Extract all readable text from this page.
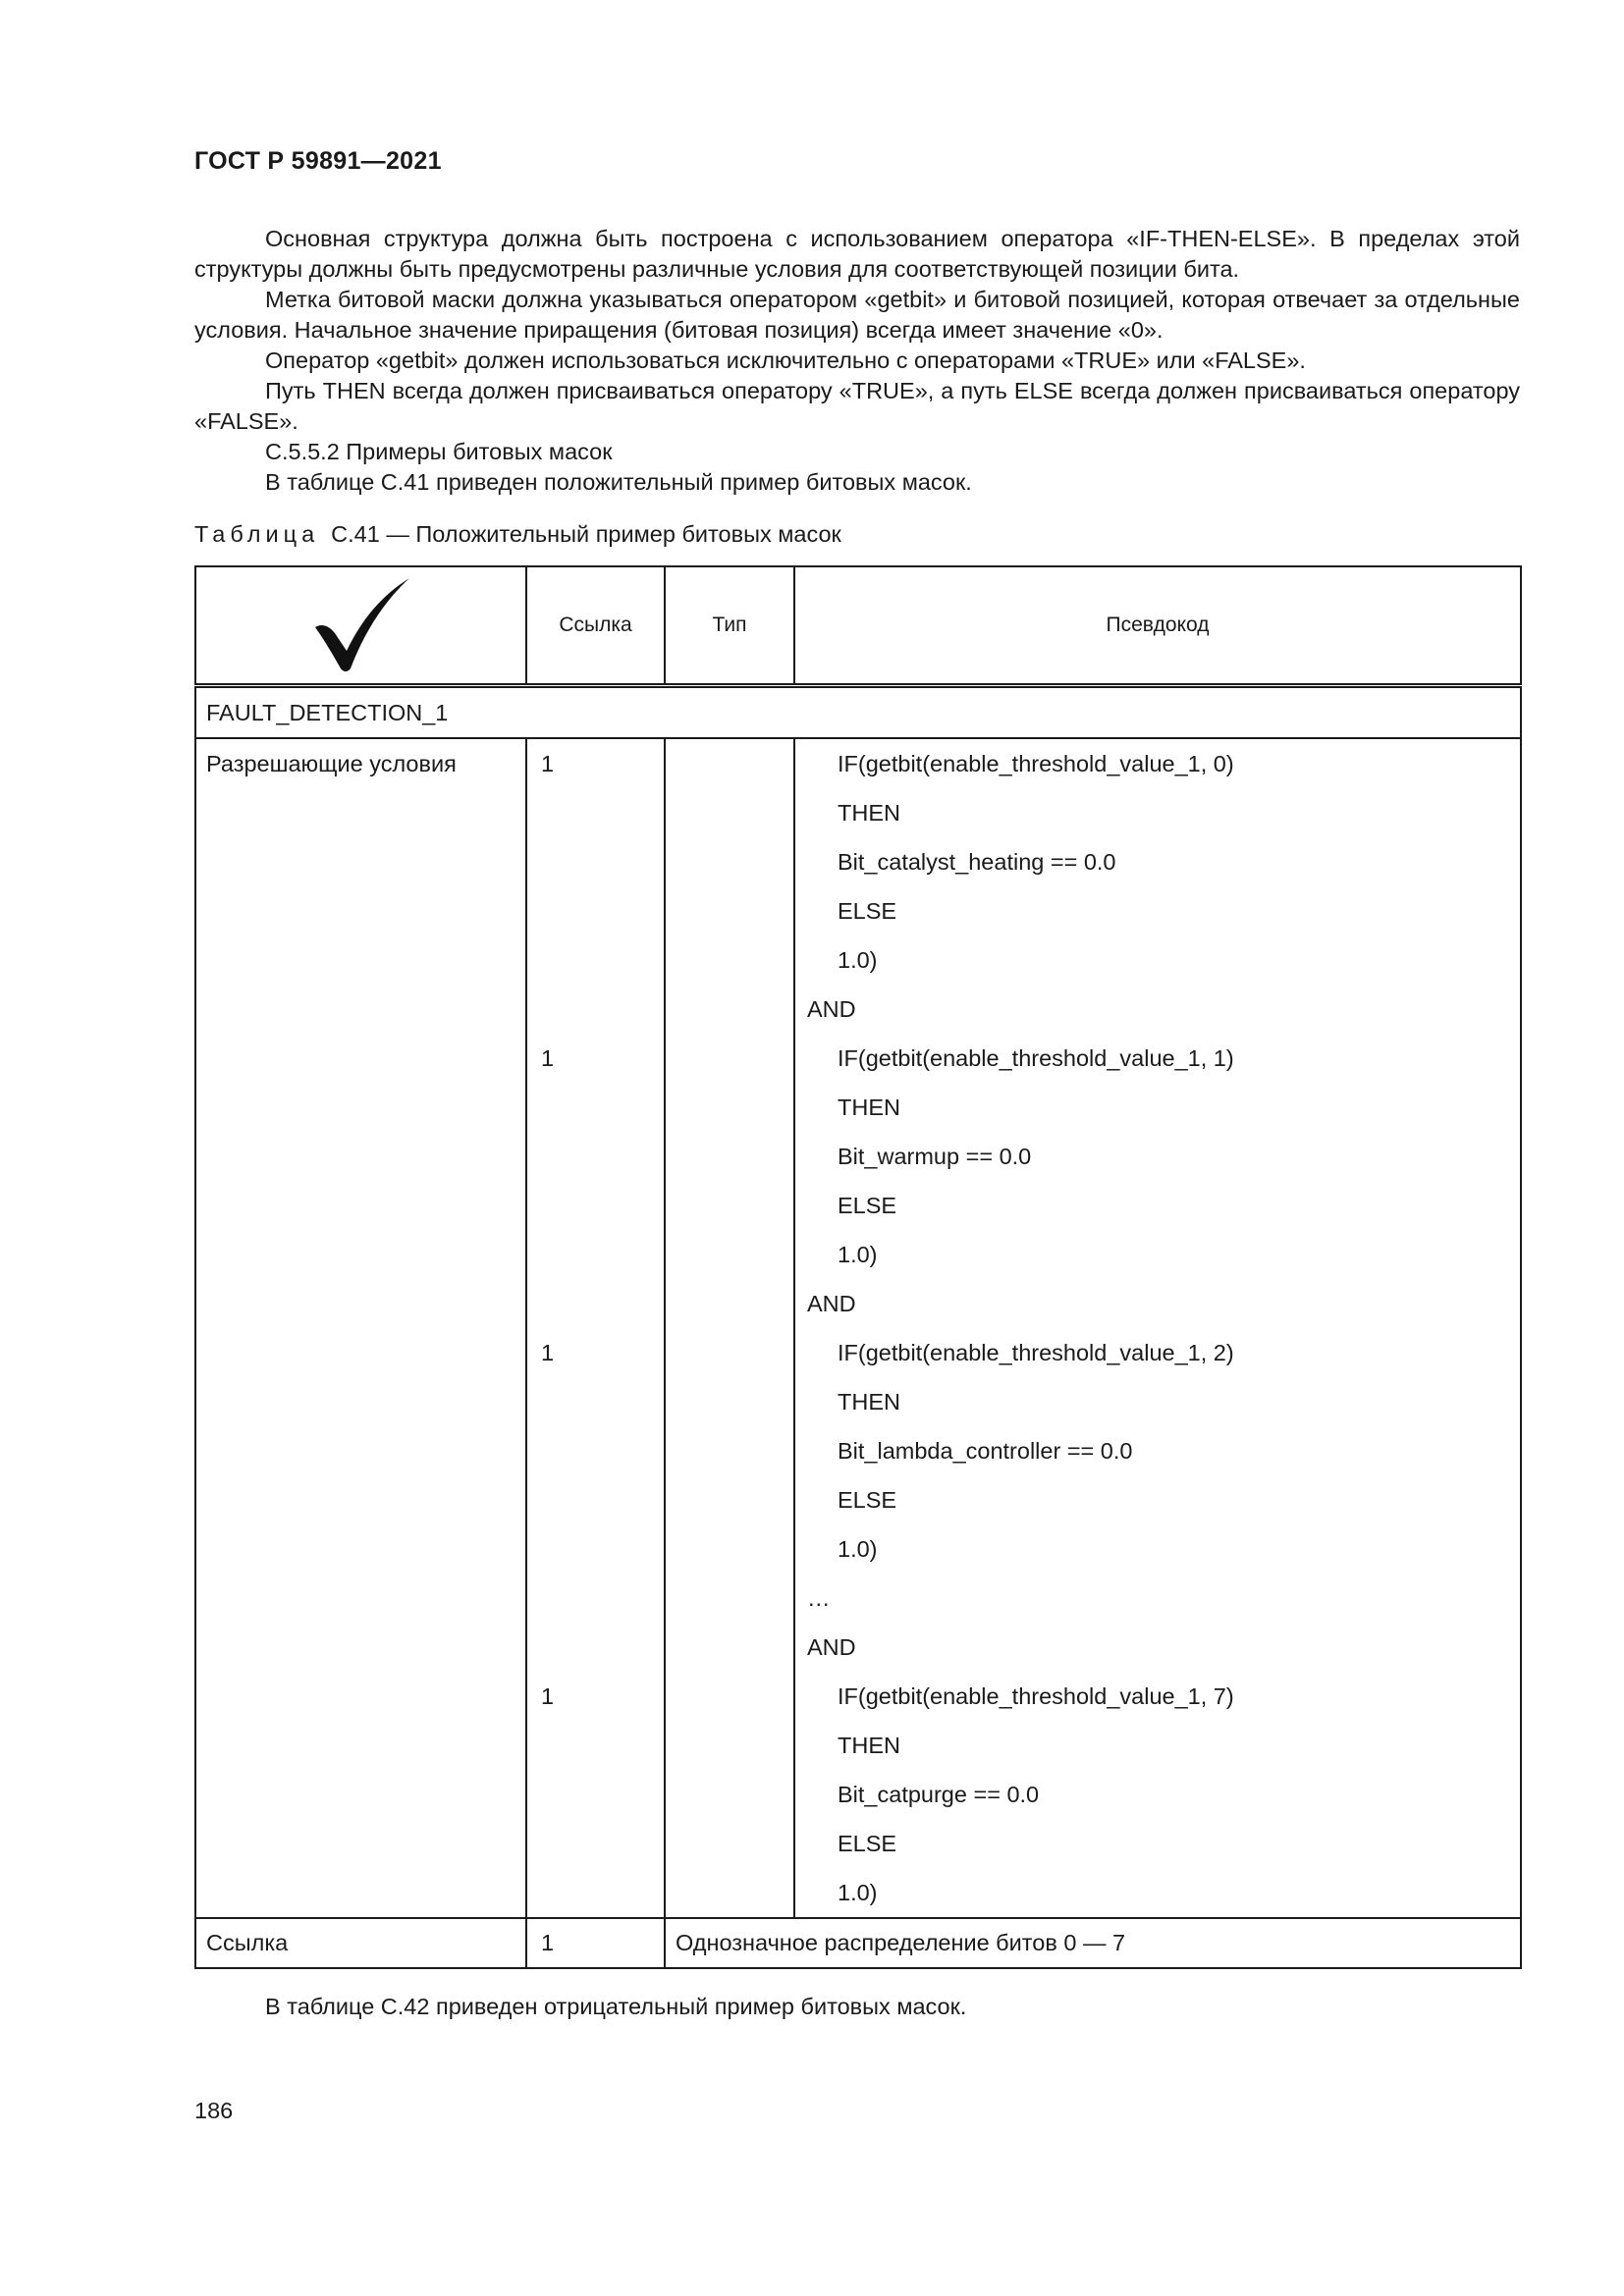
ГОСТ Р 59891—2021

Основная структура должна быть построена с использованием оператора «IF-THEN-ELSE». В пределах этой структуры должны быть предусмотрены различные условия для соответствующей позиции бита.

Метка битовой маски должна указываться оператором «getbit» и битовой позицией, которая отвечает за отдельные условия. Начальное значение приращения (битовая позиция) всегда имеет значение «0».

Оператор «getbit» должен использоваться исключительно с операторами «TRUE» или «FALSE».

Путь THEN всегда должен присваиваться оператору «TRUE», а путь ELSE всегда должен присваиваться оператору «FALSE».

С.5.5.2 Примеры битовых масок

В таблице С.41 приведен положительный пример битовых масок.

Таблица С.41 — Положительный пример битовых масок
	Ссылка	Тип	Псевдокод
FAULT_DETECTION_1			
Разрешающие условия	1		IF(getbit(enable_threshold_value_1, 0)
			THEN
			Bit_catalyst_heating == 0.0
			ELSE
			1.0)
			AND
	1		IF(getbit(enable_threshold_value_1, 1)
			THEN
			Bit_warmup == 0.0
			ELSE
			1.0)
			AND
	1		IF(getbit(enable_threshold_value_1, 2)
			THEN
			Bit_lambda_controller == 0.0
			ELSE
			1.0)
			…
			AND
	1		IF(getbit(enable_threshold_value_1, 7)
			THEN
			Bit_catpurge == 0.0
			ELSE
			1.0)
Ссылка	1	Однозначное распределение битов 0 — 7	
В таблице С.42 приведен отрицательный пример битовых масок.
186
